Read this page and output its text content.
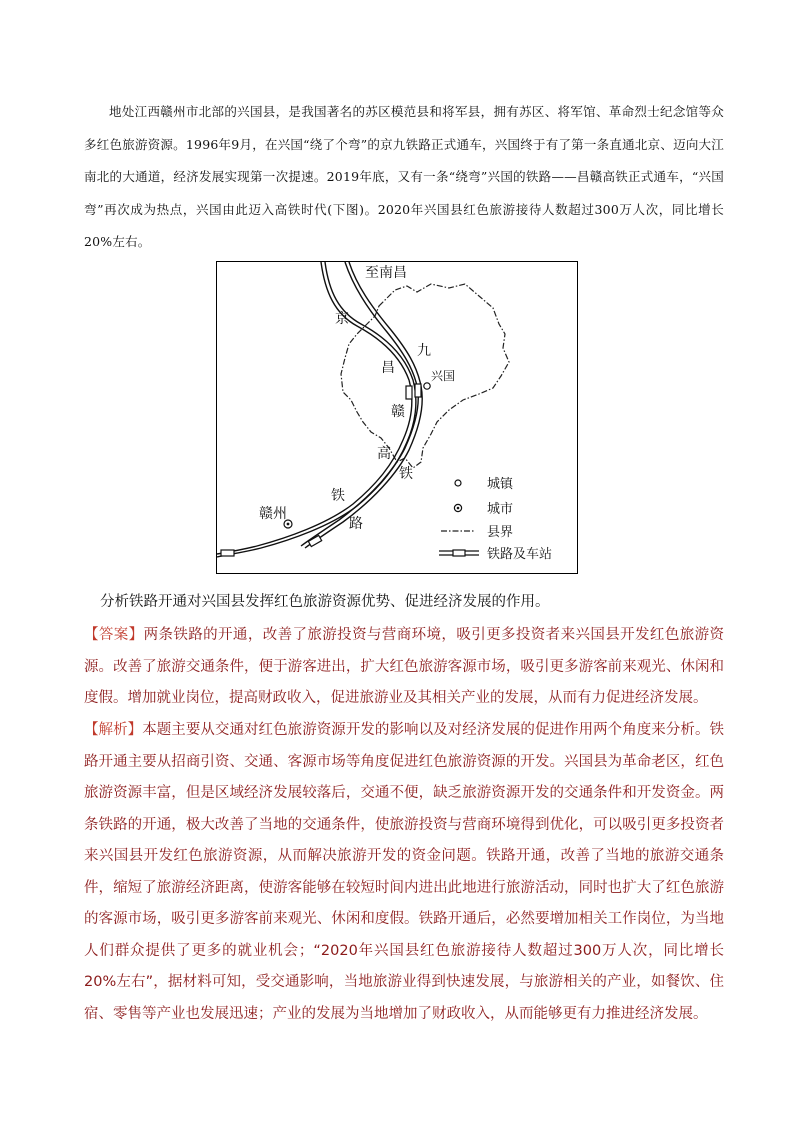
地处江西赣州市北部的兴国县，是我国著名的苏区模范县和将军县，拥有苏区、将军馆、革命烈士纪念馆等众多红色旅游资源。1996年9月，在兴国“绕了个弯”的京九铁路正式通车，兴国终于有了第一条直通北京、迈向大江南北的大通道，经济发展实现第一次提速。2019年底，又有一条“绕弯”兴国的铁路——昌赣高铁正式通车，“兴国弯”再次成为热点，兴国由此迈入高铁时代(下图)。2020年兴国县红色旅游接待人数超过300万人次，同比增长20%左右。
至南昌
京
九
昌	兴国
赣
高
铁
赣州
铁
路
城镇
城市
县界
铁路及车站
分析铁路开通对兴国县发挥红色旅游资源优势、促进经济发展的作用。
【答案】两条铁路的开通，改善了旅游投资与营商环境，吸引更多投资者来兴国县开发红色旅游资源。改善了旅游交通条件，便于游客进出，扩大红色旅游客源市场，吸引更多游客前来观光、休闲和度假。增加就业岗位，提高财政收入，促进旅游业及其相关产业的发展，从而有力促进经济发展。
【解析】本题主要从交通对红色旅游资源开发的影响以及对经济发展的促进作用两个角度来分析。铁路开通主要从招商引资、交通、客源市场等角度促进红色旅游资源的开发。兴国县为革命老区，红色旅游资源丰富，但是区域经济发展较落后，交通不便，缺乏旅游资源开发的交通条件和开发资金。两条铁路的开通，极大改善了当地的交通条件，使旅游投资与营商环境得到优化，可以吸引更多投资者来兴国县开发红色旅游资源，从而解决旅游开发的资金问题。铁路开通，改善了当地的旅游交通条件，缩短了旅游经济距离，使游客能够在较短时间内进出此地进行旅游活动，同时也扩大了红色旅游的客源市场，吸引更多游客前来观光、休闲和度假。铁路开通后，必然要增加相关工作岗位，为当地人们群众提供了更多的就业机会；“2020年兴国县红色旅游接待人数超过300万人次，同比增长20%左右”，据材料可知，受交通影响，当地旅游业得到快速发展，与旅游相关的产业，如餐饮、住宿、零售等产业也发展迅速；产业的发展为当地增加了财政收入，从而能够更有力推进经济发展。
